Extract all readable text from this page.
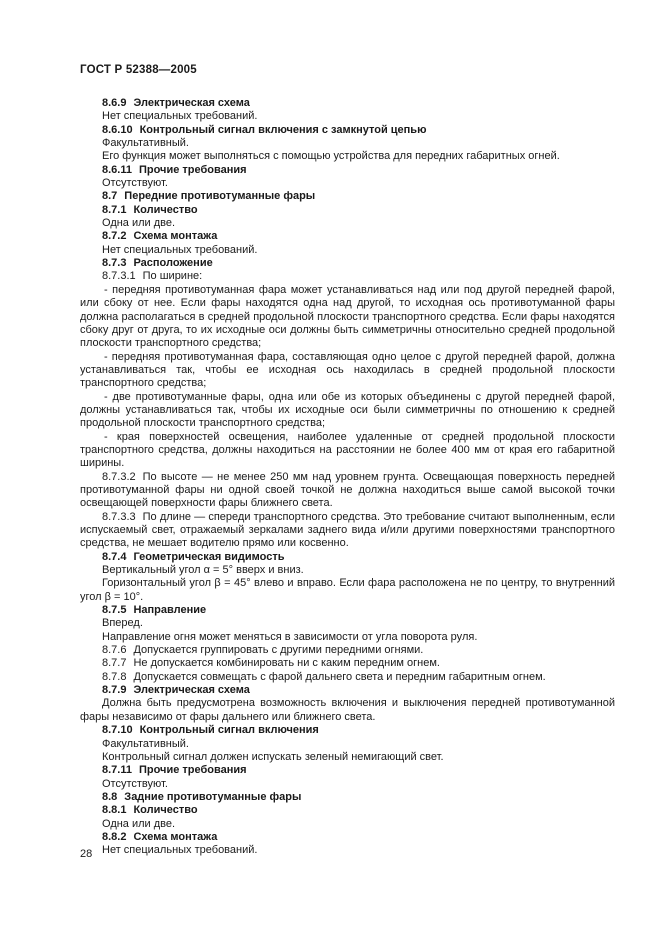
ГОСТ Р 52388—2005

8.6.9 Электрическая схема

Нет специальных требований.

8.6.10 Контрольный сигнал включения с замкнутой цепью

Факультативный.

Его функция может выполняться с помощью устройства для передних габаритных огней.

8.6.11 Прочие требования

Отсутствуют.

8.7 Передние противотуманные фары

8.7.1 Количество

Одна или две.

8.7.2 Схема монтажа

Нет специальных требований.

8.7.3 Расположение

8.7.3.1 По ширине:

- передняя противотуманная фара может устанавливаться над или под другой передней фарой, или сбоку от нее. Если фары находятся одна над другой, то исходная ось противотуманной фары должна располагаться в средней продольной плоскости транспортного средства. Если фары находятся сбоку друг от друга, то их исходные оси должны быть симметричны относительно средней продольной плоскости транспортного средства;

- передняя противотуманная фара, составляющая одно целое с другой передней фарой, должна устанавливаться так, чтобы ее исходная ось находилась в средней продольной плоскости транспортного средства;

- две противотуманные фары, одна или обе из которых объединены с другой передней фарой, должны устанавливаться так, чтобы их исходные оси были симметричны по отношению к средней продольной плоскости транспортного средства;

- края поверхностей освещения, наиболее удаленные от средней продольной плоскости транспортного средства, должны находиться на расстоянии не более 400 мм от края его габаритной ширины.

8.7.3.2 По высоте — не менее 250 мм над уровнем грунта. Освещающая поверхность передней противотуманной фары ни одной своей точкой не должна находиться выше самой высокой точки освещающей поверхности фары ближнего света.

8.7.3.3 По длине — спереди транспортного средства. Это требование считают выполненным, если испускаемый свет, отражаемый зеркалами заднего вида и/или другими поверхностями транспортного средства, не мешает водителю прямо или косвенно.

8.7.4 Геометрическая видимость

Вертикальный угол α = 5° вверх и вниз.

Горизонтальный угол β = 45° влево и вправо. Если фара расположена не по центру, то внутренний угол β = 10°.

8.7.5 Направление

Вперед.

Направление огня может меняться в зависимости от угла поворота руля.

8.7.6 Допускается группировать с другими передними огнями.

8.7.7 Не допускается комбинировать ни с каким передним огнем.

8.7.8 Допускается совмещать с фарой дальнего света и передним габаритным огнем.

8.7.9 Электрическая схема

Должна быть предусмотрена возможность включения и выключения передней противотуманной фары независимо от фары дальнего или ближнего света.

8.7.10 Контрольный сигнал включения

Факультативный.

Контрольный сигнал должен испускать зеленый немигающий свет.

8.7.11 Прочие требования

Отсутствуют.

8.8 Задние противотуманные фары

8.8.1 Количество

Одна или две.

8.8.2 Схема монтажа

Нет специальных требований.

28
